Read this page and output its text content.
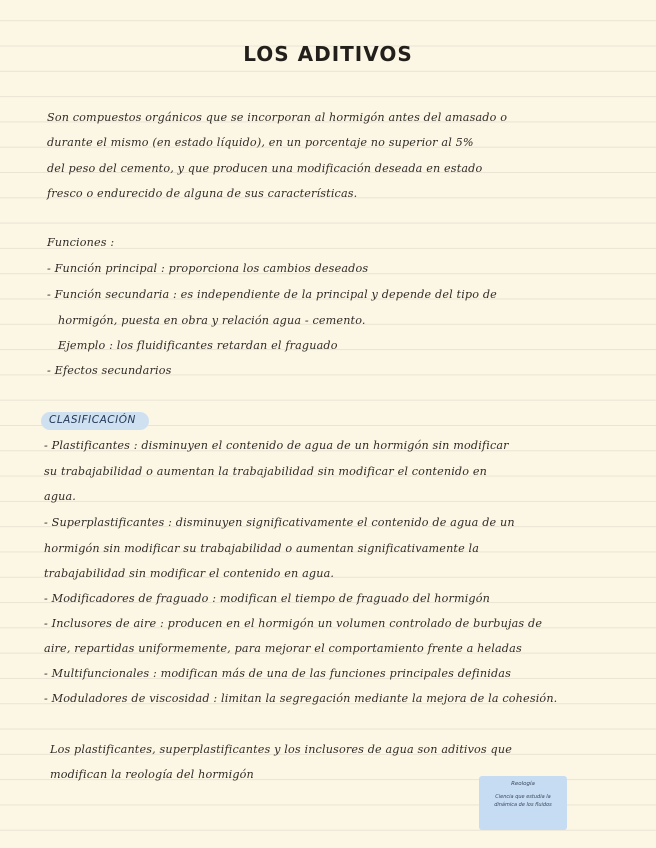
LOS ADITIVOS
Son compuestos orgánicos que se incorporan al hormigón antes del amasado o
durante el mismo (en estado líquido), en un porcentaje no superior al 5%
del peso del cemento, y que producen una modificación deseada en estado
fresco o endurecido de alguna de sus características.
Funciones :
- Función principal : proporciona los cambios deseados
- Función secundaria : es independiente de la principal y depende del tipo de
hormigón, puesta en obra y relación agua - cemento.
Ejemplo : los fluidificantes retardan el fraguado
- Efectos secundarios
CLASIFICACIÓN
- Plastificantes : disminuyen el contenido de agua de un hormigón sin modificar
su trabajabilidad o aumentan la trabajabilidad sin modificar el contenido en
agua.
- Superplastificantes : disminuyen significativamente el contenido de agua de un
hormigón sin modificar su trabajabilidad o aumentan significativamente la
trabajabilidad sin modificar el contenido en agua.
- Modificadores de fraguado : modifican el tiempo de fraguado del hormigón
- Inclusores de aire : producen en el hormigón un volumen controlado de burbujas de
aire, repartidas uniformemente, para mejorar el comportamiento frente a heladas
- Multifuncionales : modifican más de una de las funciones principales definidas
- Moduladores de viscosidad : limitan la segregación mediante la mejora de la cohesión.
Los plastificantes, superplastificantes y los inclusores de agua son aditivos que
modifican la reología del hormigón
Reología
Ciencia que estudia la dinámica de los fluidos
